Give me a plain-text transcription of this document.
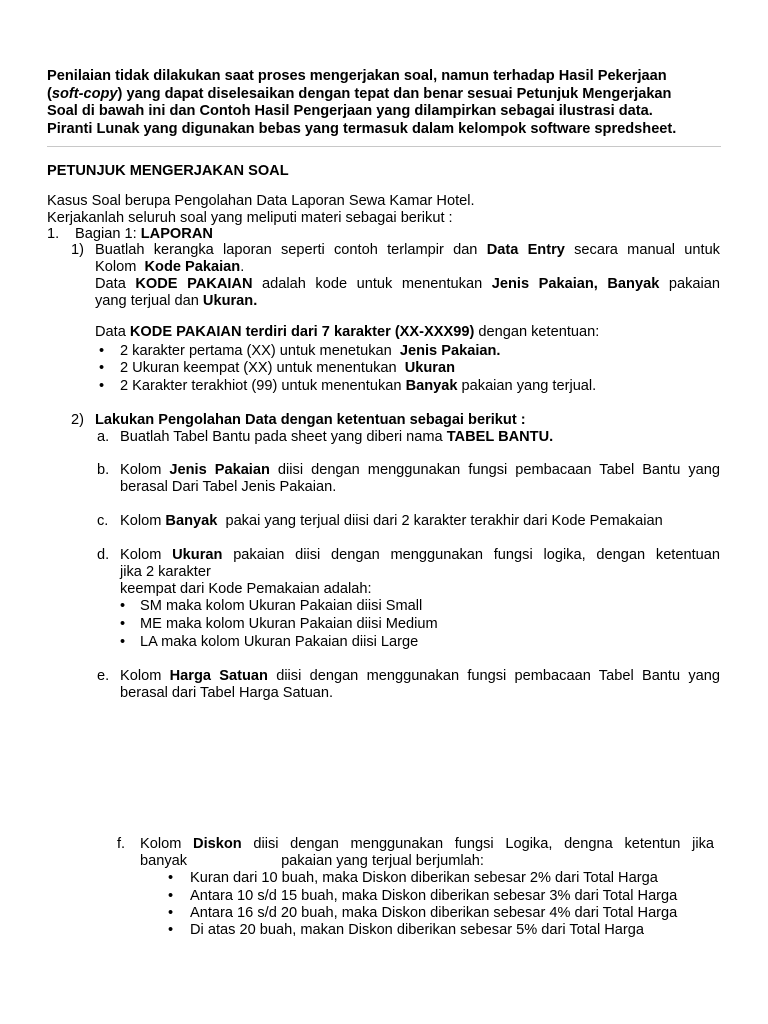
Penilaian tidak dilakukan saat proses mengerjakan soal, namun terhadap Hasil Pekerjaan
(soft-copy) yang dapat diselesaikan dengan tepat dan benar sesuai Petunjuk Mengerjakan
Soal di bawah ini dan Contoh Hasil Pengerjaan yang dilampirkan sebagai ilustrasi data.
Piranti Lunak yang digunakan bebas yang termasuk dalam kelompok software spredsheet.
PETUNJUK MENGERJAKAN SOAL
Kasus Soal berupa Pengolahan Data Laporan Sewa Kamar Hotel.
Kerjakanlah seluruh soal yang meliputi materi sebagai berikut :
1. Bagian 1: LAPORAN
1) Buatlah kerangka laporan seperti contoh terlampir dan Data Entry secara manual untuk
Kolom  Kode Pakaian.
Data KODE PAKAIAN adalah kode untuk menentukan Jenis Pakaian, Banyak pakaian
yang terjual dan Ukuran.
Data KODE PAKAIAN terdiri dari 7 karakter (XX-XXX99) dengan ketentuan:
• 2 karakter pertama (XX) untuk menetukan  Jenis Pakaian.
• 2 Ukuran keempat (XX) untuk menentukan  Ukuran
• 2 Karakter terakhiot (99) untuk menentukan Banyak pakaian yang terjual.
2) Lakukan Pengolahan Data dengan ketentuan sebagai berikut :
a. Buatlah Tabel Bantu pada sheet yang diberi nama TABEL BANTU.
b. Kolom Jenis Pakaian diisi dengan menggunakan fungsi pembacaan Tabel Bantu yang
berasal Dari Tabel Jenis Pakaian.
c. Kolom Banyak  pakai yang terjual diisi dari 2 karakter terakhir dari Kode Pemakaian
d. Kolom Ukuran pakaian diisi dengan menggunakan fungsi logika, dengan ketentuan
jika 2 karakter
keempat dari Kode Pemakaian adalah:
• SM maka kolom Ukuran Pakaian diisi Small
• ME maka kolom Ukuran Pakaian diisi Medium
• LA maka kolom Ukuran Pakaian diisi Large
e. Kolom Harga Satuan diisi dengan menggunakan fungsi pembacaan Tabel Bantu yang
berasal dari Tabel Harga Satuan.
f. Kolom Diskon diisi dengan menggunakan fungsi Logika, dengna ketentun jika
banyak	pakaian yang terjual berjumlah:
• Kuran dari 10 buah, maka Diskon diberikan sebesar 2% dari Total Harga
• Antara 10 s/d 15 buah, maka Diskon diberikan sebesar 3% dari Total Harga
• Antara 16 s/d 20 buah, maka Diskon diberikan sebesar 4% dari Total Harga
• Di atas 20 buah, makan Diskon diberikan sebesar 5% dari Total Harga
